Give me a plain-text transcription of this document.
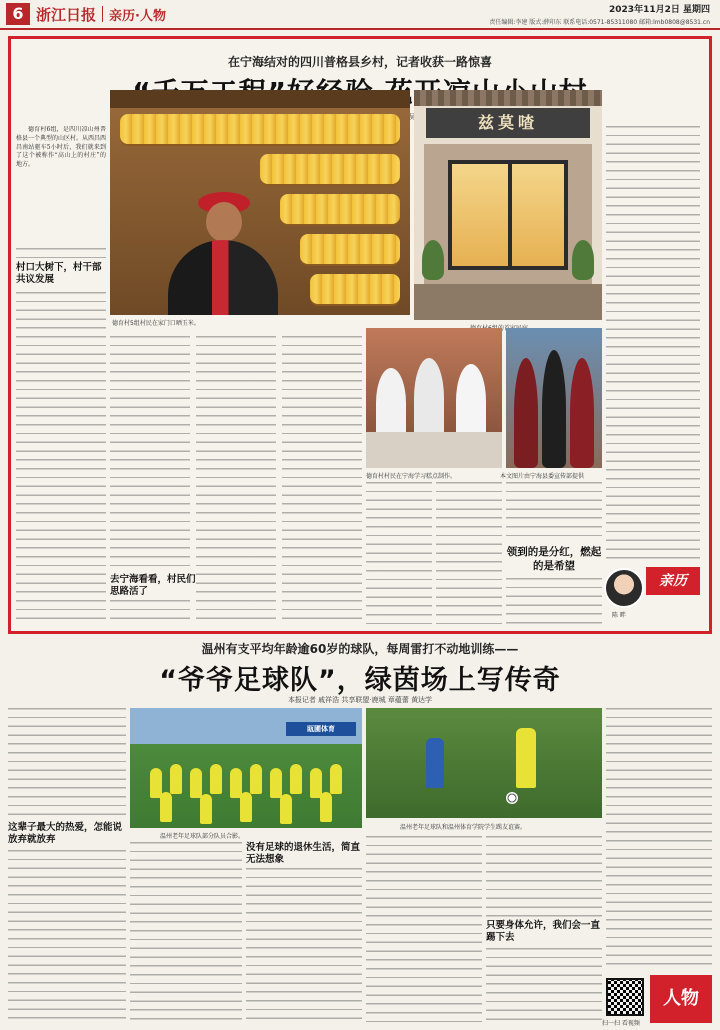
6 浙江日报 亲历·人物	2023年11月2日 星期四
责任编辑:李建 版式:薛印东 联系电话:0571-85311080 邮箱:lmb0808@8531.cn
在宁海结对的四川普格县乡村，记者收获一路惊喜
吴

德育村6组，是四川凉山州普格县一个典型的山区村。从西昌西昌南站驱车5小时后，我们就来到了这个被称作“高山上的村庄”的地方。

村口大树下，村干部共议发展
德育村5组村民在家门口晒玉米。
兹莫喳
去宁海看看，村民们思路活了
德育村村民在宁海学习糕点制作。	本文图片由宁海县委宣传部提供
领到的是分红，燃起的是希望
亲历
陈 畔
温州有支平均年龄逾60岁的球队，每周雷打不动地训练——
“爷爷足球队”，绿茵场上写传奇
本报记者 戚祥浩 共享联盟·鹿城 章蕴蕾 黄达学
这辈子最大的热爱，怎能说放弃就放弃
瓯圃体育
温州老年足球队部分队员合影。
温州老年足球队和温州体育学院学生踢友谊赛。
没有足球的退休生活，简直无法想象
只要身体允许，我们会一直踢下去
扫一扫 看视频
人物
